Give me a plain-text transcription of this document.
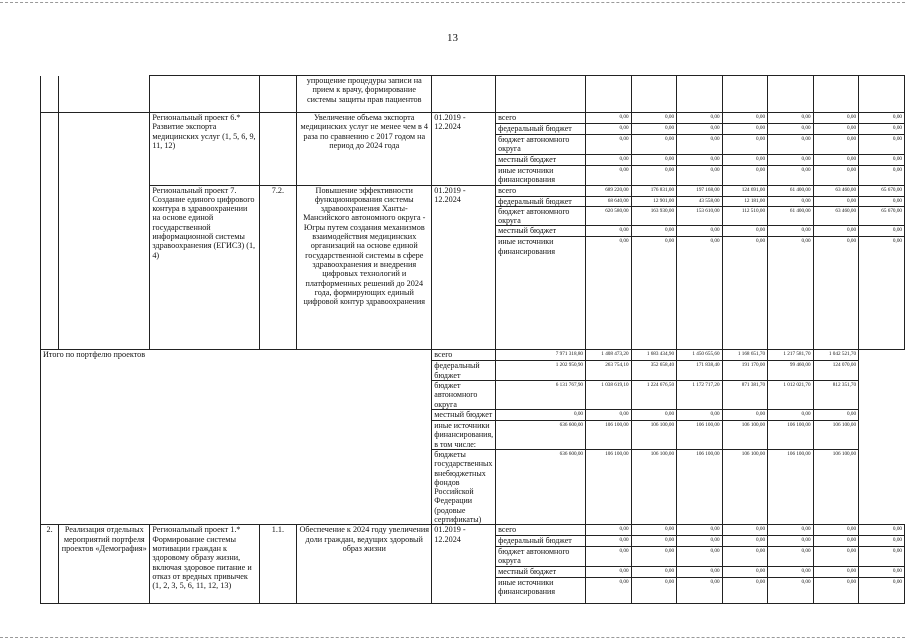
13
				упрощение процедуры записи на прием к врачу, формирование системы защиты прав пациентов									
		Региональный проект 6.* Развитие экспорта медицинских услуг (1, 5, 6, 9, 11, 12)		Увеличение объема экспорта медицинских услуг не менее чем в 4 раза по сравнению с 2017 годом на период до 2024 года	01.2019 - 12.2024	всего	0,00	0,00	0,00	0,00	0,00	0,00	0,00
						федеральный бюджет	0,00	0,00	0,00	0,00	0,00	0,00	0,00
						бюджет автономного округа	0,00	0,00	0,00	0,00	0,00	0,00	0,00
						местный бюджет	0,00	0,00	0,00	0,00	0,00	0,00	0,00
						иные источники финансирования	0,00	0,00	0,00	0,00	0,00	0,00	0,00
		Региональный проект 7. Создание единого цифрового контура в здравоохранении на основе единой государственной информационной системы здравоохранения (ЕГИСЗ) (1, 4)	7.2.	Повышение эффективности функционирования системы здравоохранения Ханты-Мансийского автономного округа - Югры путем создания механизмов взаимодействия медицинских организаций на основе единой государственной системы в сфере здравоохранения и внедрения цифровых технологий и платформенных решений до 2024 года, формирующих единый цифровой контур здравоохранения	01.2019 - 12.2024	всего	689 220,00	176 831,00	197 168,00	124 691,00	61 400,00	63 460,00	65 670,00
						федеральный бюджет	68 640,00	12 901,00	43 558,00	12 181,00	0,00	0,00	0,00
						бюджет автономного округа	620 580,00	163 930,00	153 610,00	112 510,00	61 400,00	63 460,00	65 670,00
						местный бюджет	0,00	0,00	0,00	0,00	0,00	0,00	0,00
						иные источники финансирования	0,00	0,00	0,00	0,00	0,00	0,00	0,00
Итого по портфелю проектов					всего	7 971 318,80	1 408 473,20	1 683 434,90	1 450 655,60	1 168 651,70	1 217 581,70	1 042 521,70	
					федеральный бюджет	1 202 950,90	263 754,10	352 658,40	171 838,40	191 170,00	99 460,00	124 070,00	
					бюджет автономного округа	6 131 767,90	1 038 619,10	1 224 676,50	1 172 717,20	871 381,70	1 012 021,70	812 351,70	
					местный бюджет	0,00	0,00	0,00	0,00	0,00	0,00	0,00	
					иные источники финансирования, в том числе:	636 600,00	106 100,00	106 100,00	106 100,00	106 100,00	106 100,00	106 100,00	
					бюджеты государственных внебюджетных фондов Российской Федерации (родовые сертификаты)	636 600,00	106 100,00	106 100,00	106 100,00	106 100,00	106 100,00	106 100,00	
2.	Реализация отдельных мероприятий портфеля проектов «Демография»	Региональный проект 1.* Формирование системы мотивации граждан к здоровому образу жизни, включая здоровое питание и отказ от вредных привычек (1, 2, 3, 5, 6, 11, 12, 13)	1.1.	Обеспечение к 2024 году увеличения доли граждан, ведущих здоровый образ жизни	01.2019 - 12.2024	всего	0,00	0,00	0,00	0,00	0,00	0,00	0,00
						федеральный бюджет	0,00	0,00	0,00	0,00	0,00	0,00	0,00
						бюджет автономного округа	0,00	0,00	0,00	0,00	0,00	0,00	0,00
						местный бюджет	0,00	0,00	0,00	0,00	0,00	0,00	0,00
						иные источники финансирования	0,00	0,00	0,00	0,00	0,00	0,00	0,00
